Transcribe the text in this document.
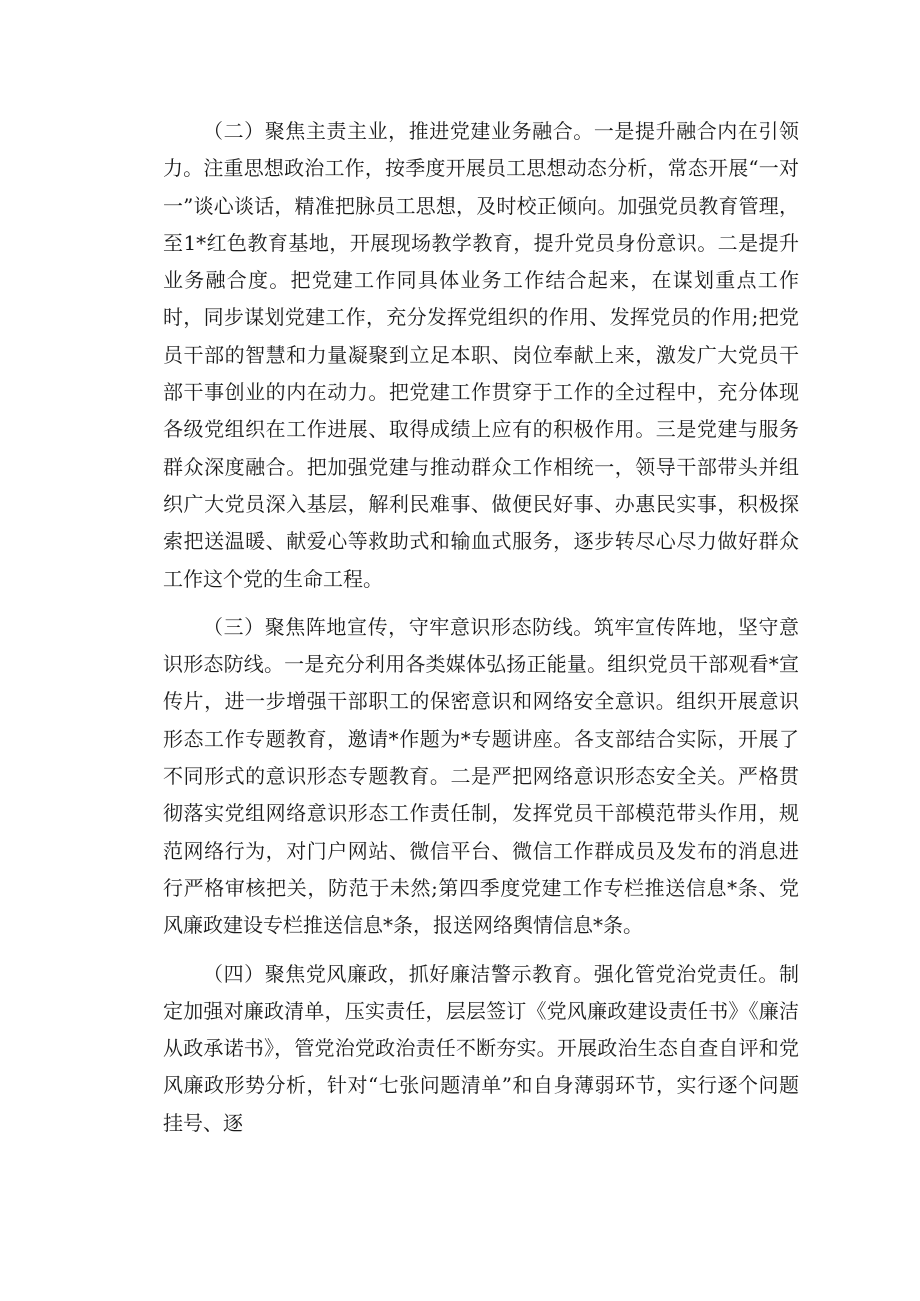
（二）聚焦主责主业，推进党建业务融合。一是提升融合内在引领力。注重思想政治工作，按季度开展员工思想动态分析，常态开展“一对一”谈心谈话，精准把脉员工思想，及时校正倾向。加强党员教育管理，至1*红色教育基地，开展现场教学教育，提升党员身份意识。二是提升业务融合度。把党建工作同具体业务工作结合起来，在谋划重点工作时，同步谋划党建工作，充分发挥党组织的作用、发挥党员的作用;把党员干部的智慧和力量凝聚到立足本职、岗位奉献上来，激发广大党员干部干事创业的内在动力。把党建工作贯穿于工作的全过程中，充分体现各级党组织在工作进展、取得成绩上应有的积极作用。三是党建与服务群众深度融合。把加强党建与推动群众工作相统一，领导干部带头并组织广大党员深入基层，解利民难事、做便民好事、办惠民实事，积极探索把送温暖、献爱心等救助式和输血式服务，逐步转尽心尽力做好群众工作这个党的生命工程。

（三）聚焦阵地宣传，守牢意识形态防线。筑牢宣传阵地，坚守意识形态防线。一是充分利用各类媒体弘扬正能量。组织党员干部观看*宣传片，进一步增强干部职工的保密意识和网络安全意识。组织开展意识形态工作专题教育，邀请*作题为*专题讲座。各支部结合实际，开展了不同形式的意识形态专题教育。二是严把网络意识形态安全关。严格贯彻落实党组网络意识形态工作责任制，发挥党员干部模范带头作用，规范网络行为，对门户网站、微信平台、微信工作群成员及发布的消息进行严格审核把关，防范于未然;第四季度党建工作专栏推送信息*条、党风廉政建设专栏推送信息*条，报送网络舆情信息*条。

（四）聚焦党风廉政，抓好廉洁警示教育。强化管党治党责任。制定加强对廉政清单，压实责任，层层签订《党风廉政建设责任书》《廉洁从政承诺书》，管党治党政治责任不断夯实。开展政治生态自查自评和党风廉政形势分析，针对“七张问题清单”和自身薄弱环节，实行逐个问题挂号、逐
